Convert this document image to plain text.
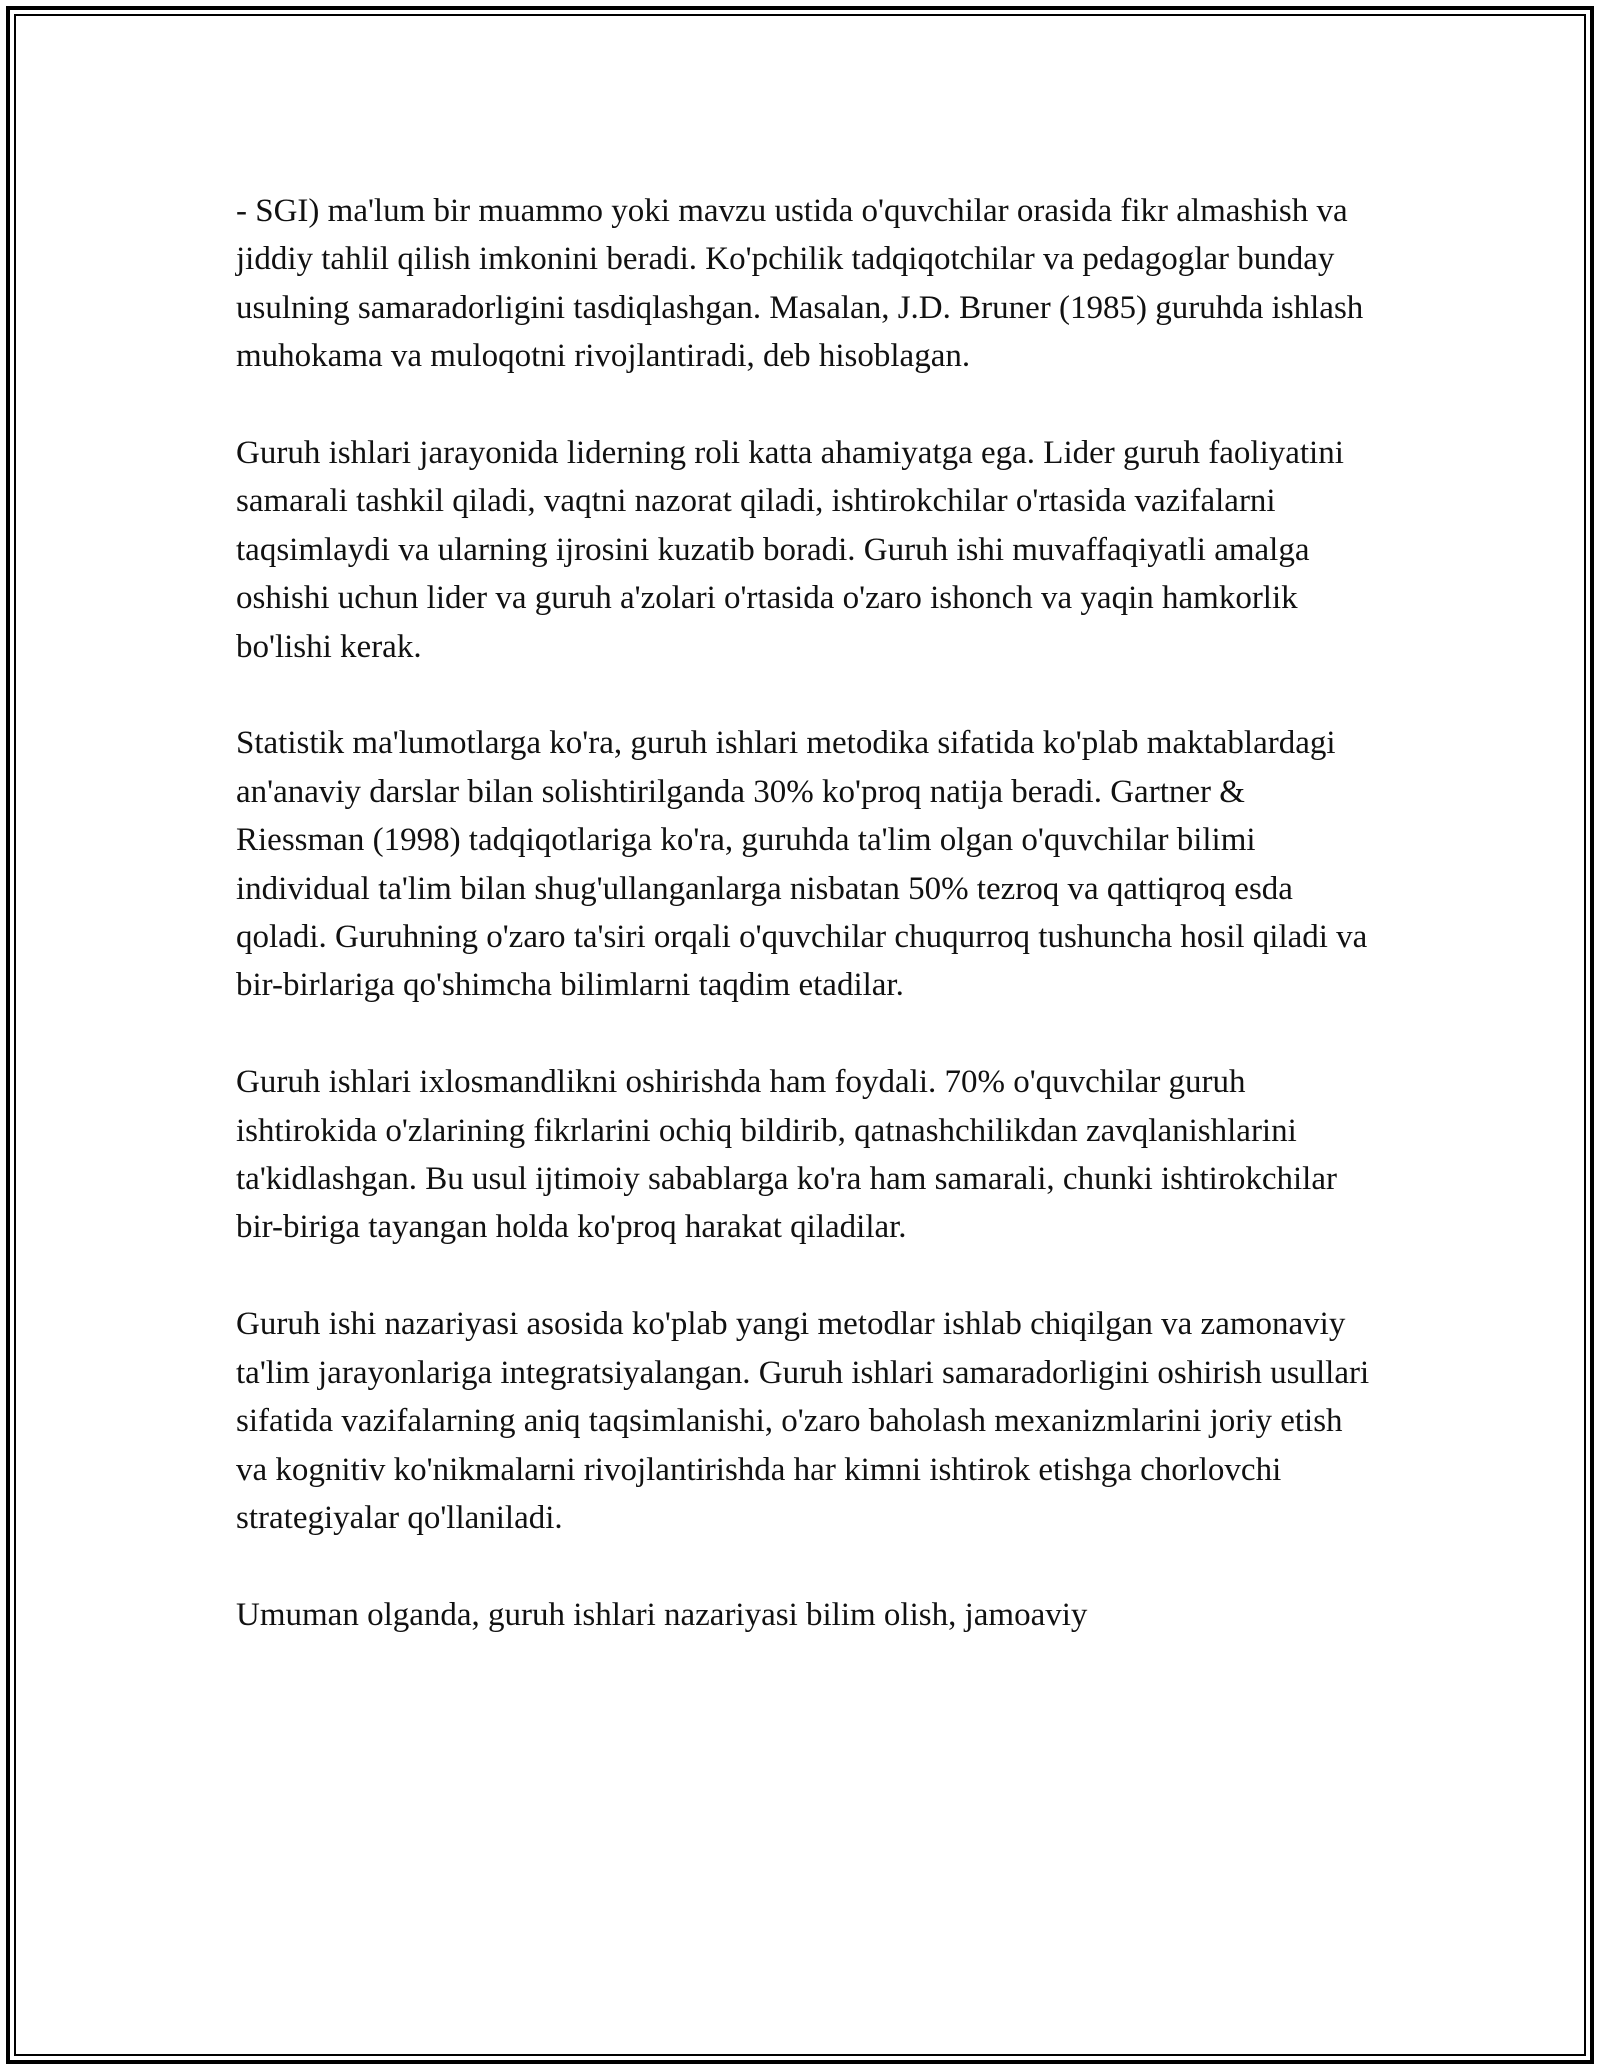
- SGI) ma'lum bir muammo yoki mavzu ustida o'quvchilar orasida fikr almashish va jiddiy tahlil qilish imkonini beradi. Ko'pchilik tadqiqotchilar va pedagoglar bunday usulning samaradorligini tasdiqlashgan. Masalan, J.D. Bruner (1985) guruhda ishlash muhokama va muloqotni rivojlantiradi, deb hisoblagan.

Guruh ishlari jarayonida liderning roli katta ahamiyatga ega. Lider guruh faoliyatini samarali tashkil qiladi, vaqtni nazorat qiladi, ishtirokchilar o'rtasida vazifalarni taqsimlaydi va ularning ijrosini kuzatib boradi. Guruh ishi muvaffaqiyatli amalga oshishi uchun lider va guruh a'zolari o'rtasida o'zaro ishonch va yaqin hamkorlik bo'lishi kerak.

Statistik ma'lumotlarga ko'ra, guruh ishlari metodika sifatida ko'plab maktablardagi an'anaviy darslar bilan solishtirilganda 30% ko'proq natija beradi. Gartner & Riessman (1998) tadqiqotlariga ko'ra, guruhda ta'lim olgan o'quvchilar bilimi individual ta'lim bilan shug'ullanganlarga nisbatan 50% tezroq va qattiqroq esda qoladi. Guruhning o'zaro ta'siri orqali o'quvchilar chuqurroq tushuncha hosil qiladi va bir-birlariga qo'shimcha bilimlarni taqdim etadilar.

Guruh ishlari ixlosmandlikni oshirishda ham foydali. 70% o'quvchilar guruh ishtirokida o'zlarining fikrlarini ochiq bildirib, qatnashchilikdan zavqlanishlarini ta'kidlashgan. Bu usul ijtimoiy sabablarga ko'ra ham samarali, chunki ishtirokchilar bir-biriga tayangan holda ko'proq harakat qiladilar.

Guruh ishi nazariyasi asosida ko'plab yangi metodlar ishlab chiqilgan va zamonaviy ta'lim jarayonlariga integratsiyalangan. Guruh ishlari samaradorligini oshirish usullari sifatida vazifalarning aniq taqsimlanishi, o'zaro baholash mexanizmlarini joriy etish va kognitiv ko'nikmalarni rivojlantirishda har kimni ishtirok etishga chorlovchi strategiyalar qo'llaniladi.

Umuman olganda, guruh ishlari nazariyasi bilim olish, jamoaviy
